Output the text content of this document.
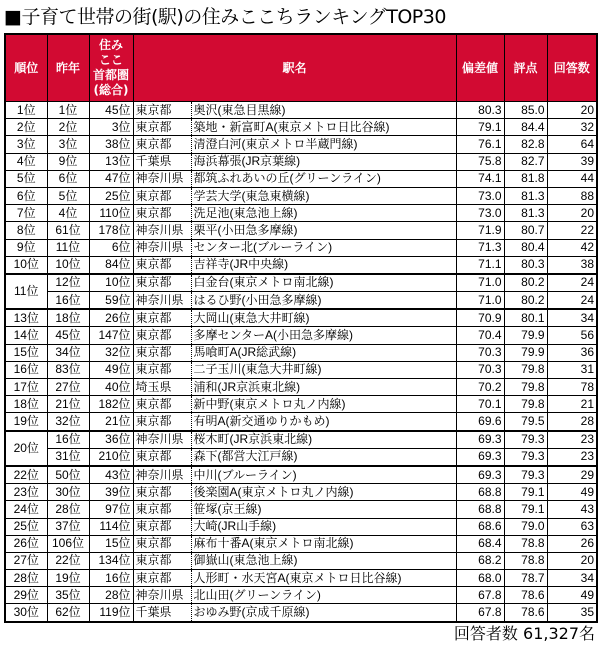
■子育て世帯の街(駅)の住みここちランキングTOP30
順位	昨年	住み
ここ
首都圏
(総合)	駅名		偏差値	評点	回答数
1位	1位	45位	東京都	奥沢(東急目黒線)	80.3	85.0	20
2位	2位	3位	東京都	築地・新富町A(東京メトロ日比谷線)	79.1	84.4	32
3位	3位	38位	東京都	清澄白河(東京メトロ半蔵門線)	76.1	82.8	64
4位	9位	13位	千葉県	海浜幕張(JR京葉線)	75.8	82.7	39
5位	6位	47位	神奈川県	都筑ふれあいの丘(グリーンライン)	74.1	81.8	44
6位	5位	25位	東京都	学芸大学(東急東横線)	73.0	81.3	88
7位	4位	110位	東京都	洗足池(東急池上線)	73.0	81.3	20
8位	61位	178位	神奈川県	栗平(小田急多摩線)	71.9	80.7	22
9位	11位	6位	神奈川県	センター北(ブルーライン)	71.3	80.4	42
10位	10位	84位	東京都	吉祥寺(JR中央線)	71.1	80.3	38
11位	12位	10位	東京都	白金台(東京メトロ南北線)	71.0	80.2	24
	16位	59位	神奈川県	はるひ野(小田急多摩線)	71.0	80.2	24
13位	18位	26位	東京都	大岡山(東急大井町線)	70.9	80.1	34
14位	45位	147位	東京都	多摩センターA(小田急多摩線)	70.4	79.9	56
15位	34位	32位	東京都	馬喰町A(JR総武線)	70.3	79.9	36
16位	83位	49位	東京都	二子玉川(東急大井町線)	70.3	79.8	31
17位	27位	40位	埼玉県	浦和(JR京浜東北線)	70.2	79.8	78
18位	21位	182位	東京都	新中野(東京メトロ丸ノ内線)	70.1	79.8	21
19位	32位	21位	東京都	有明A(新交通ゆりかもめ)	69.6	79.5	28
20位	16位	36位	神奈川県	桜木町(JR京浜東北線)	69.3	79.3	23
	31位	210位	東京都	森下(都営大江戸線)	69.3	79.3	23
22位	50位	43位	神奈川県	中川(ブルーライン)	69.3	79.3	29
23位	30位	39位	東京都	後楽園A(東京メトロ丸ノ内線)	68.8	79.1	49
24位	28位	97位	東京都	笹塚(京王線)	68.8	79.1	43
25位	37位	114位	東京都	大崎(JR山手線)	68.6	79.0	63
26位	106位	15位	東京都	麻布十番A(東京メトロ南北線)	68.4	78.8	26
27位	22位	134位	東京都	御嶽山(東急池上線)	68.2	78.8	20
28位	19位	16位	東京都	人形町・水天宮A(東京メトロ日比谷線)	68.0	78.7	34
29位	35位	28位	神奈川県	北山田(グリーンライン)	67.8	78.6	49
30位	62位	119位	千葉県	おゆみ野(京成千原線)	67.8	78.6	35
回答者数 61,327名
